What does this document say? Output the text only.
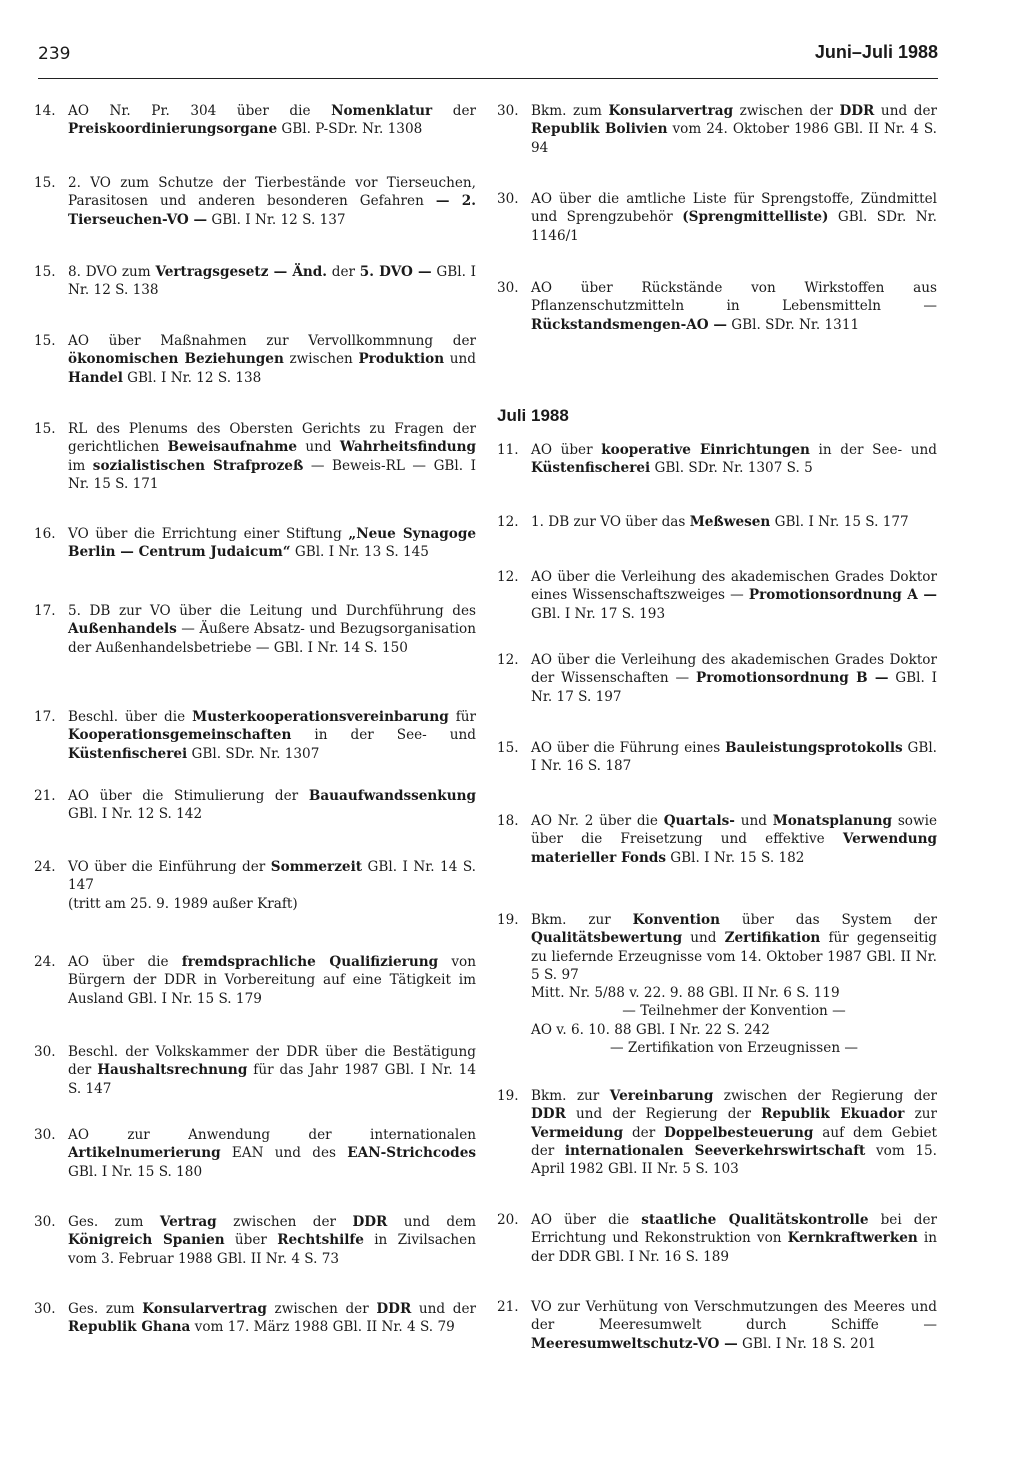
239	Juni–Juli 1988
14. AO Nr. Pr. 304 über die Nomenklatur der Preiskoordinierungsorgane GBl. P-SDr. Nr. 1308
15. 2. VO zum Schutze der Tierbestände vor Tierseuchen, Parasitosen und anderen besonderen Gefahren — 2. Tierseuchen-VO — GBl. I Nr. 12 S. 137
15. 8. DVO zum Vertragsgesetz — Änd. der 5. DVO — GBl. I Nr. 12 S. 138
15. AO über Maßnahmen zur Vervollkommnung der ökonomischen Beziehungen zwischen Produktion und Handel GBl. I Nr. 12 S. 138
15. RL des Plenums des Obersten Gerichts zu Fragen der gerichtlichen Beweisaufnahme und Wahrheitsfindung im sozialistischen Strafprozeß — Beweis-RL — GBl. I Nr. 15 S. 171
16. VO über die Errichtung einer Stiftung „Neue Synagoge Berlin — Centrum Judaicum“ GBl. I Nr. 13 S. 145
17. 5. DB zur VO über die Leitung und Durchführung des Außenhandels — Äußere Absatz- und Bezugsorganisation der Außenhandelsbetriebe — GBl. I Nr. 14 S. 150
17. Beschl. über die Musterkooperationsvereinbarung für Kooperationsgemeinschaften in der See- und Küstenfischerei GBl. SDr. Nr. 1307
21. AO über die Stimulierung der Bauaufwandssenkung GBl. I Nr. 12 S. 142
24. VO über die Einführung der Sommerzeit GBl. I Nr. 14 S. 147
(tritt am 25. 9. 1989 außer Kraft)
24. AO über die fremdsprachliche Qualifizierung von Bürgern der DDR in Vorbereitung auf eine Tätigkeit im Ausland GBl. I Nr. 15 S. 179
30. Beschl. der Volkskammer der DDR über die Bestätigung der Haushaltsrechnung für das Jahr 1987 GBl. I Nr. 14 S. 147
30. AO zur Anwendung der internationalen Artikelnumerierung EAN und des EAN-Strichcodes GBl. I Nr. 15 S. 180
30. Ges. zum Vertrag zwischen der DDR und dem Königreich Spanien über Rechtshilfe in Zivilsachen vom 3. Februar 1988 GBl. II Nr. 4 S. 73
30. Ges. zum Konsularvertrag zwischen der DDR und der Republik Ghana vom 17. März 1988 GBl. II Nr. 4 S. 79
30. Bkm. zum Konsularvertrag zwischen der DDR und der Republik Bolivien vom 24. Oktober 1986 GBl. II Nr. 4 S. 94
30. AO über die amtliche Liste für Sprengstoffe, Zündmittel und Sprengzubehör (Sprengmittelliste) GBl. SDr. Nr. 1146/1
30. AO über Rückstände von Wirkstoffen aus Pflanzenschutzmitteln in Lebensmitteln — Rückstandsmengen-AO — GBl. SDr. Nr. 1311
Juli 1988
11. AO über kooperative Einrichtungen in der See- und Küstenfischerei GBl. SDr. Nr. 1307 S. 5
12. 1. DB zur VO über das Meßwesen GBl. I Nr. 15 S. 177
12. AO über die Verleihung des akademischen Grades Doktor eines Wissenschaftszweiges — Promotionsordnung A — GBl. I Nr. 17 S. 193
12. AO über die Verleihung des akademischen Grades Doktor der Wissenschaften — Promotionsordnung B — GBl. I Nr. 17 S. 197
15. AO über die Führung eines Bauleistungsprotokolls GBl. I Nr. 16 S. 187
18. AO Nr. 2 über die Quartals- und Monatsplanung sowie über die Freisetzung und effektive Verwendung materieller Fonds GBl. I Nr. 15 S. 182
19. Bkm. zur Konvention über das System der Qualitätsbewertung und Zertifikation für gegenseitig zu liefernde Erzeugnisse vom 14. Oktober 1987 GBl. II Nr. 5 S. 97
Mitt. Nr. 5/88 v. 22. 9. 88 GBl. II Nr. 6 S. 119
— Teilnehmer der Konvention —
AO v. 6. 10. 88 GBl. I Nr. 22 S. 242
— Zertifikation von Erzeugnissen —
19. Bkm. zur Vereinbarung zwischen der Regierung der DDR und der Regierung der Republik Ekuador zur Vermeidung der Doppelbesteuerung auf dem Gebiet der internationalen Seeverkehrswirtschaft vom 15. April 1982 GBl. II Nr. 5 S. 103
20. AO über die staatliche Qualitätskontrolle bei der Errichtung und Rekonstruktion von Kernkraftwerken in der DDR GBl. I Nr. 16 S. 189
21. VO zur Verhütung von Verschmutzungen des Meeres und der Meeresumwelt durch Schiffe — Meeresumweltschutz-VO — GBl. I Nr. 18 S. 201
